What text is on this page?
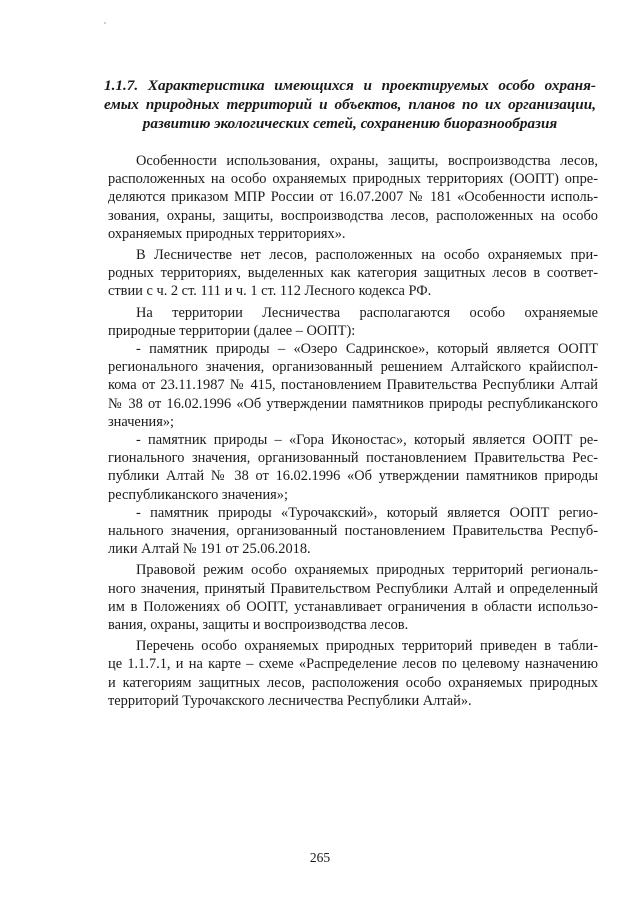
1.1.7. Характеристика имеющихся и проектируемых особо охраня-
емых природных территорий и объектов, планов по их организации,
развитию экологических сетей, сохранению биоразнообразия

Особенности использования, охраны, защиты, воспроизводства лесов,
расположенных на особо охраняемых природных территориях (ООПТ) опре-
деляются приказом МПР России от 16.07.2007 № 181 «Особенности исполь-
зования, охраны, защиты, воспроизводства лесов, расположенных на особо
охраняемых природных территориях».

В Лесничестве нет лесов, расположенных на особо охраняемых при-
родных территориях, выделенных как категория защитных лесов в соответ-
ствии с ч. 2 ст. 111 и ч. 1 ст. 112 Лесного кодекса РФ.

На территории Лесничества располагаются особо охраняемые
природные территории (далее – ООПТ):

- памятник природы – «Озеро Садринское», который является ООПТ
регионального значения, организованный решением Алтайского крайиспол-
кома от 23.11.1987 № 415, постановлением Правительства Республики Алтай
№ 38 от 16.02.1996 «Об утверждении памятников природы республиканского
значения»;

- памятник природы – «Гора Иконостас», который является ООПТ ре-
гионального значения, организованный постановлением Правительства Рес-
публики Алтай № 38 от 16.02.1996 «Об утверждении памятников природы
республиканского значения»;

- памятник природы «Турочакский», который является ООПТ регио-
нального значения, организованный постановлением Правительства Респуб-
лики Алтай № 191 от 25.06.2018.

Правовой режим особо охраняемых природных территорий региональ-
ного значения, принятый Правительством Республики Алтай и определенный
им в Положениях об ООПТ, устанавливает ограничения в области использо-
вания, охраны, защиты и воспроизводства лесов.

Перечень особо охраняемых природных территорий приведен в табли-
це 1.1.7.1, и на карте – схеме «Распределение лесов по целевому назначению
и категориям защитных лесов, расположения особо охраняемых природных
территорий Турочакского лесничества Республики Алтай».

265
